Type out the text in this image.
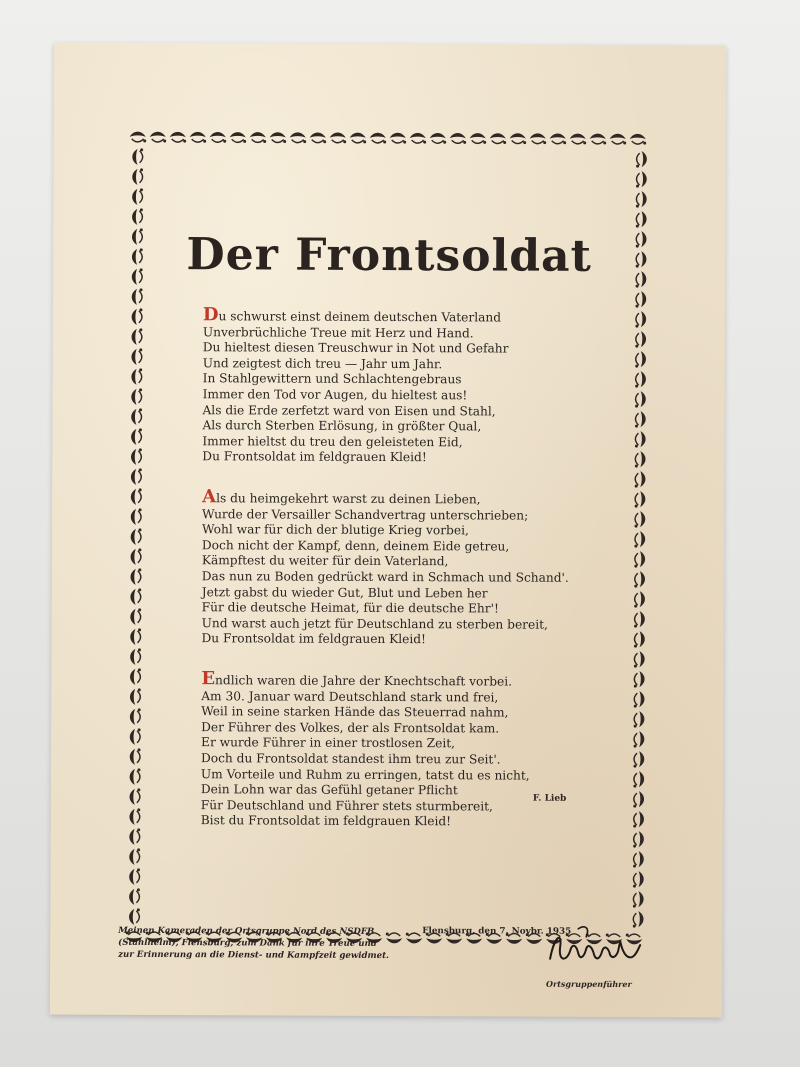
Der Frontsoldat
Du schwurst einst deinem deutschen Vaterland
Unverbrüchliche Treue mit Herz und Hand.
Du hieltest diesen Treuschwur in Not und Gefahr
Und zeigtest dich treu — Jahr um Jahr.
In Stahlgewittern und Schlachtengebraus
Immer den Tod vor Augen, du hieltest aus!
Als die Erde zerfetzt ward von Eisen und Stahl,
Als durch Sterben Erlösung, in größter Qual,
Immer hieltst du treu den geleisteten Eid,
Du Frontsoldat im feldgrauen Kleid!
Als du heimgekehrt warst zu deinen Lieben,
Wurde der Versailler Schandvertrag unterschrieben;
Wohl war für dich der blutige Krieg vorbei,
Doch nicht der Kampf, denn, deinem Eide getreu,
Kämpftest du weiter für dein Vaterland,
Das nun zu Boden gedrückt ward in Schmach und Schand'.
Jetzt gabst du wieder Gut, Blut und Leben her
Für die deutsche Heimat, für die deutsche Ehr'!
Und warst auch jetzt für Deutschland zu sterben bereit,
Du Frontsoldat im feldgrauen Kleid!
Endlich waren die Jahre der Knechtschaft vorbei.
Am 30. Januar ward Deutschland stark und frei,
Weil in seine starken Hände das Steuerrad nahm,
Der Führer des Volkes, der als Frontsoldat kam.
Er wurde Führer in einer trostlosen Zeit,
Doch du Frontsoldat standest ihm treu zur Seit'.
Um Vorteile und Ruhm zu erringen, tatst du es nicht,
Dein Lohn war das Gefühl getaner Pflicht
Für Deutschland und Führer stets sturmbereit,
Bist du Frontsoldat im feldgrauen Kleid!
F. Lieb
Meinen Kameraden der Ortsgruppe Nord des NSDFB
(Stahlhelm), Flensburg, zum Dank für ihre Treue und
zur Erinnerung an die Dienst- und Kampfzeit gewidmet.
Flensburg, den 7. Novbr. 1935
Ortsgruppenführer
